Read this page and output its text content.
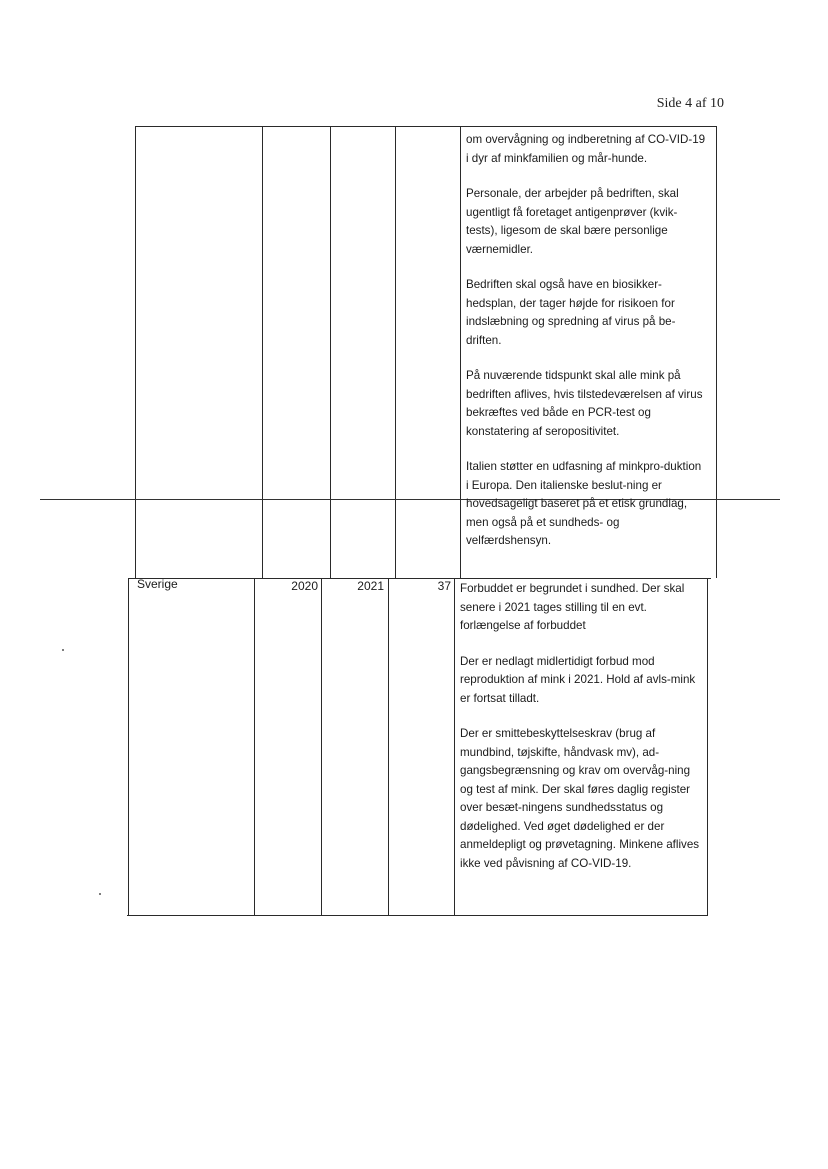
Side 4 af 10

om overvågning og indberetning af CO-VID-19 i dyr af minkfamilien og mår-hunde.

Personale, der arbejder på bedriften, skal ugentligt få foretaget antigenprøver (kvik-tests), ligesom de skal bære personlige værnemidler.

Bedriften skal også have en biosikker-hedsplan, der tager højde for risikoen for indslæbning og spredning af virus på be-driften.

På nuværende tidspunkt skal alle mink på bedriften aflives, hvis tilstedeværelsen af virus bekræftes ved både en PCR-test og konstatering af seropositivitet.

Italien støtter en udfasning af minkpro-duktion i Europa. Den italienske beslut-ning er hovedsageligt baseret på et etisk grundlag, men også på et sundheds- og velfærdshensyn.

Sverige	2020	2021	37 Forbuddet er begrundet i sundhed. Der skal senere i 2021 tages stilling til en evt. forlængelse af forbuddet

Der er nedlagt midlertidigt forbud mod reproduktion af mink i 2021. Hold af avls-mink er fortsat tilladt.

Der er smittebeskyttelseskrav (brug af mundbind, tøjskifte, håndvask mv), ad-gangsbegrænsning og krav om overvåg-ning og test af mink. Der skal føres daglig register over besæt-ningens sundhedsstatus og dødelighed. Ved øget dødelighed er der anmeldepligt og prøvetagning. Minkene aflives ikke ved påvisning af CO-VID-19.
